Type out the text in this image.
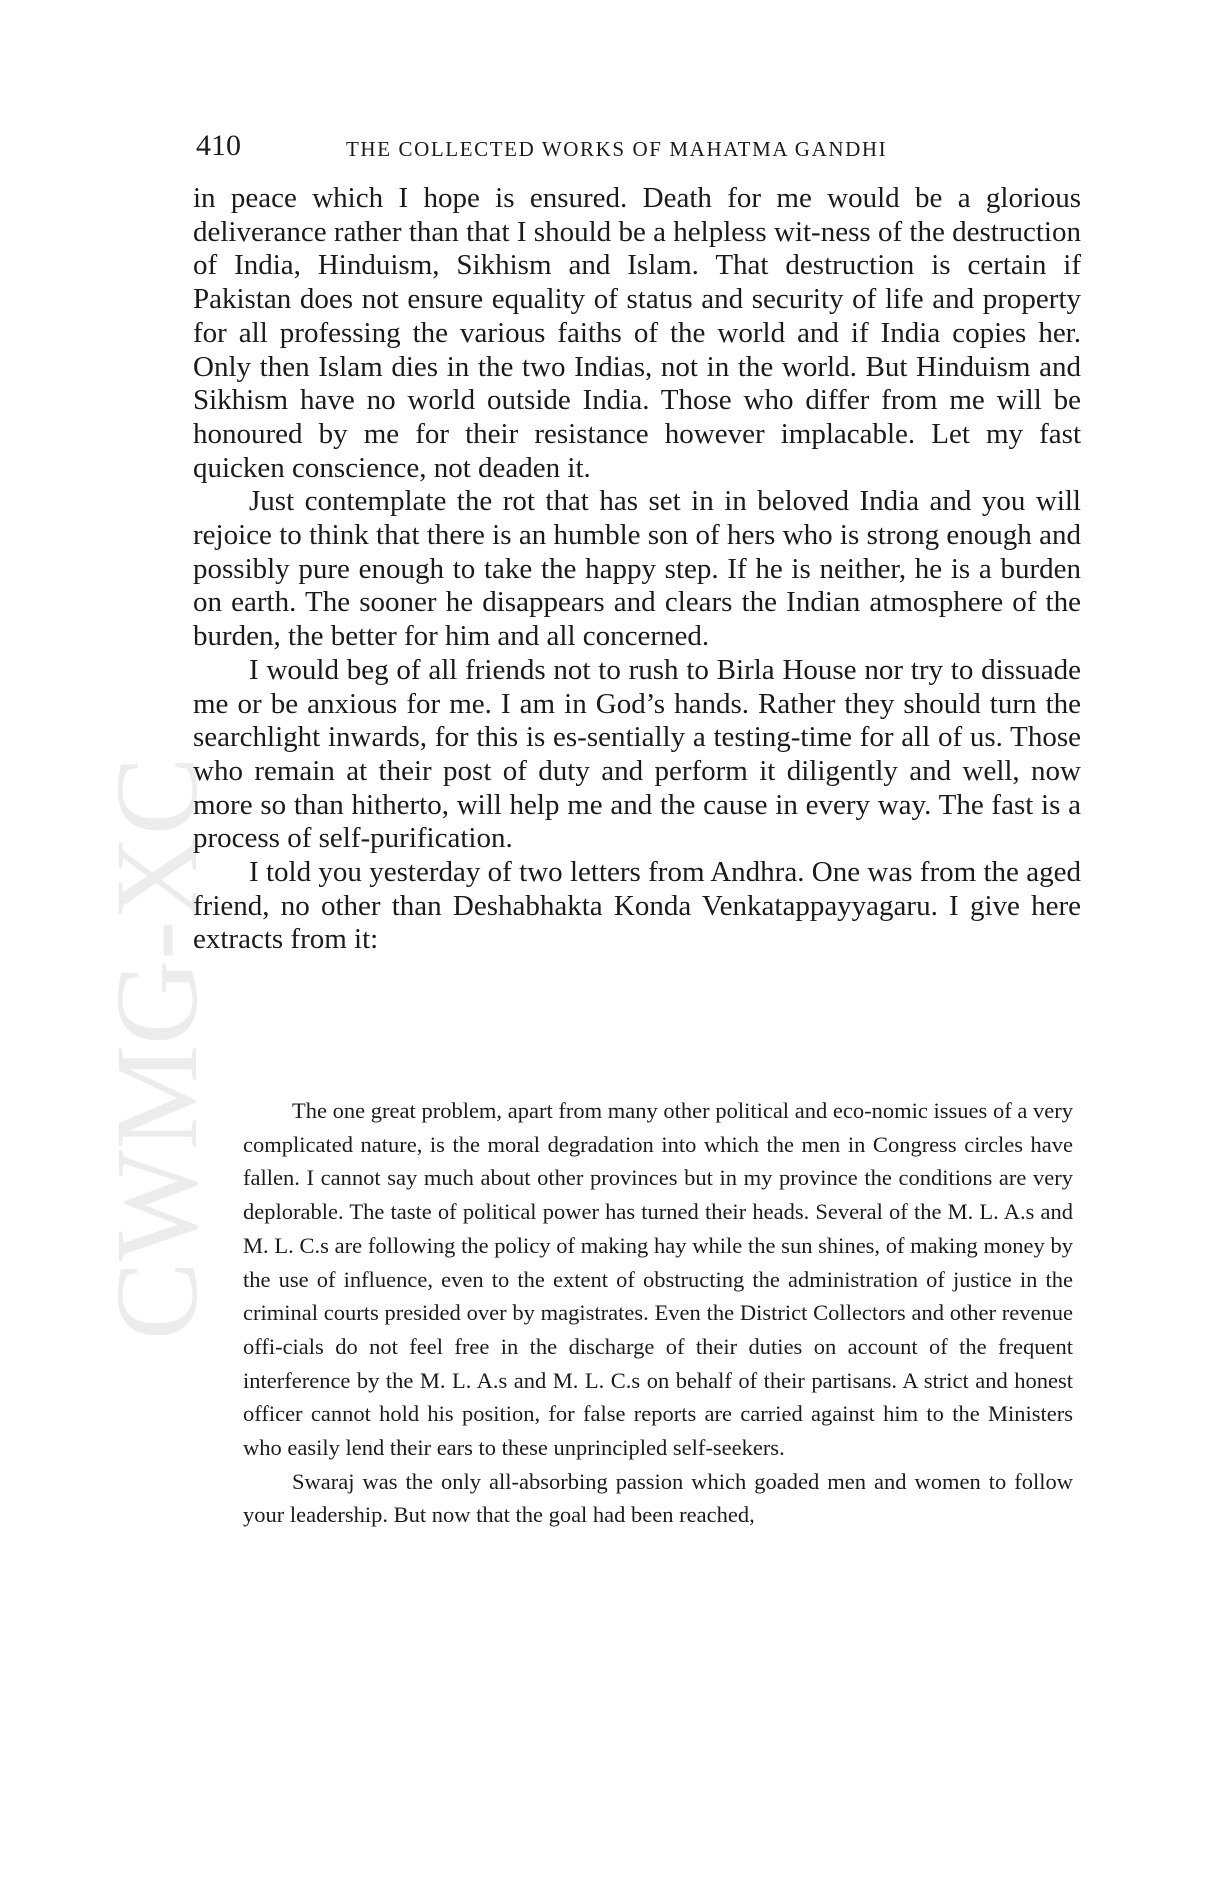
CWMG-XC
410	THE COLLECTED WORKS OF MAHATMA GANDHI

in peace which I hope is ensured. Death for me would be a glorious deliverance rather than that I should be a helpless wit-ness of the destruction of India, Hinduism, Sikhism and Islam. That destruction is certain if Pakistan does not ensure equality of status and security of life and property for all professing the various faiths of the world and if India copies her. Only then Islam dies in the two Indias, not in the world. But Hinduism and Sikhism have no world outside India. Those who differ from me will be honoured by me for their resistance however implacable. Let my fast quicken conscience, not deaden it.

Just contemplate the rot that has set in in beloved India and you will rejoice to think that there is an humble son of hers who is strong enough and possibly pure enough to take the happy step. If he is neither, he is a burden on earth. The sooner he disappears and clears the Indian atmosphere of the burden, the better for him and all concerned.

I would beg of all friends not to rush to Birla House nor try to dissuade me or be anxious for me. I am in God’s hands. Rather they should turn the searchlight inwards, for this is es-sentially a testing-time for all of us. Those who remain at their post of duty and perform it diligently and well, now more so than hitherto, will help me and the cause in every way. The fast is a process of self-purification.

I told you yesterday of two letters from Andhra. One was from the aged friend, no other than Deshabhakta Konda Venkatappayyagaru. I give here extracts from it:

The one great problem, apart from many other political and eco-nomic issues of a very complicated nature, is the moral degradation into which the men in Congress circles have fallen. I cannot say much about other provinces but in my province the conditions are very deplorable. The taste of political power has turned their heads. Several of the M. L. A.s and M. L. C.s are following the policy of making hay while the sun shines, of making money by the use of influence, even to the extent of obstructing the administration of justice in the criminal courts presided over by magistrates. Even the District Collectors and other revenue offi-cials do not feel free in the discharge of their duties on account of the frequent interference by the M. L. A.s and M. L. C.s on behalf of their partisans. A strict and honest officer cannot hold his position, for false reports are carried against him to the Ministers who easily lend their ears to these unprincipled self-seekers.

Swaraj was the only all-absorbing passion which goaded men and women to follow your leadership. But now that the goal had been reached,
